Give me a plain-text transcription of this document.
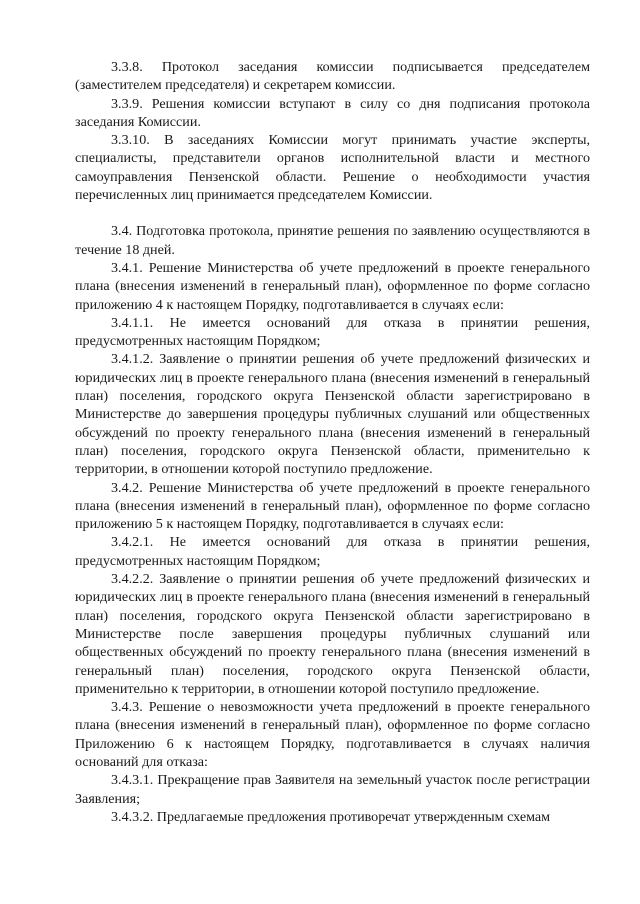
3.3.8. Протокол заседания комиссии подписывается председателем (заместителем председателя) и секретарем комиссии.

3.3.9. Решения комиссии вступают в силу со дня подписания протокола заседания Комиссии.

3.3.10. В заседаниях Комиссии могут принимать участие эксперты, специалисты, представители органов исполнительной власти и местного самоуправления Пензенской области. Решение о необходимости участия перечисленных лиц принимается председателем Комиссии.

3.4. Подготовка протокола, принятие решения по заявлению осуществляются в течение 18 дней.

3.4.1. Решение Министерства об учете предложений в проекте генерального плана (внесения изменений в генеральный план), оформленное по форме согласно приложению 4 к настоящем Порядку, подготавливается в случаях если:

3.4.1.1. Не имеется оснований для отказа в принятии решения, предусмотренных настоящим Порядком;

3.4.1.2. Заявление о принятии решения об учете предложений физических и юридических лиц в проекте генерального плана (внесения изменений в генеральный план) поселения, городского округа Пензенской области зарегистрировано в Министерстве до завершения процедуры публичных слушаний или общественных обсуждений по проекту генерального плана (внесения изменений в генеральный план) поселения, городского округа Пензенской области, применительно к территории, в отношении которой поступило предложение.

3.4.2. Решение Министерства об учете предложений в проекте генерального плана (внесения изменений в генеральный план), оформленное по форме согласно приложению 5 к настоящем Порядку, подготавливается в случаях если:

3.4.2.1. Не имеется оснований для отказа в принятии решения, предусмотренных настоящим Порядком;

3.4.2.2. Заявление о принятии решения об учете предложений физических и юридических лиц в проекте генерального плана (внесения изменений в генеральный план) поселения, городского округа Пензенской области зарегистрировано в Министерстве после завершения процедуры публичных слушаний или общественных обсуждений по проекту генерального плана (внесения изменений в генеральный план) поселения, городского округа Пензенской области, применительно к территории, в отношении которой поступило предложение.

3.4.3. Решение о невозможности учета предложений в проекте генерального плана (внесения изменений в генеральный план), оформленное по форме согласно Приложению 6 к настоящем Порядку, подготавливается в случаях наличия оснований для отказа:

3.4.3.1. Прекращение прав Заявителя на земельный участок после регистрации Заявления;

3.4.3.2. Предлагаемые предложения противоречат утвержденным схемам
